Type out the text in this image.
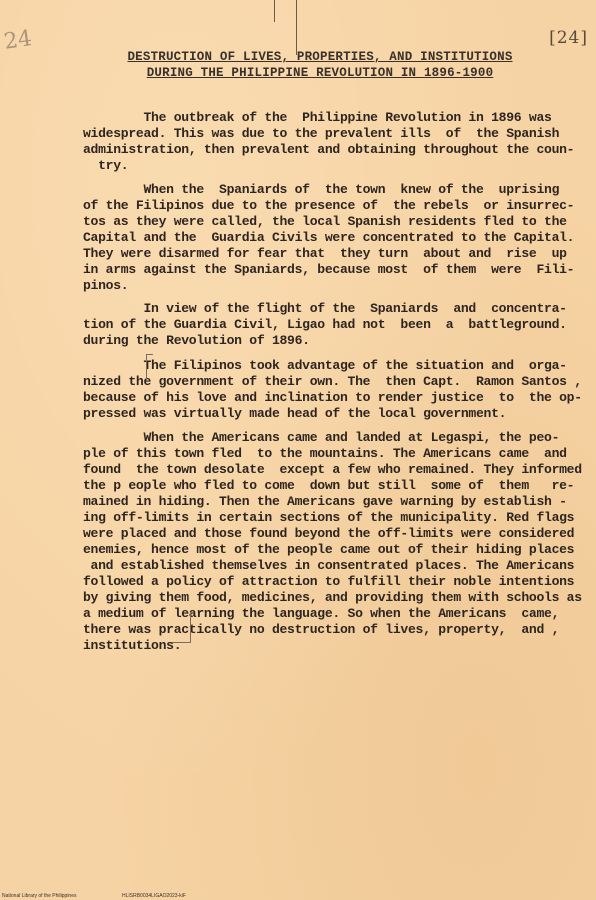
24	[24]
DESTRUCTION OF LIVES, PROPERTIES, AND INSTITUTIONS
DURING THE PHILIPPINE REVOLUTION IN 1896-1900
The outbreak of the  Philippine Revolution in 1896 was
widespread. This was due to the prevalent ills  of  the Spanish
administration, then prevalent and obtaining throughout the coun-
try.
When the  Spaniards of  the town  knew of the  uprising
of the Filipinos due to the presence of  the rebels  or insurrec-
tos as they were called, the local Spanish residents fled to the
Capital and the  Guardia Civils were concentrated to the Capital.
They were disarmed for fear that  they turn  about and  rise  up
in arms against the Spaniards, because most  of them  were  Fili-
pinos.
In view of the flight of the  Spaniards  and  concentra-
tion of the Guardia Civil, Ligao had not  been  a  battleground.
during the Revolution of 1896.
The Filipinos took advantage of the situation and  orga-
nized the government of their own. The  then Capt.  Ramon Santos ,
because of his love and inclination to render justice  to  the op-
pressed was virtually made head of the local government.
When the Americans came and landed at Legaspi, the peo-
ple of this town fled  to the mountains. The Americans came  and
found  the town desolate  except a few who remained. They informed
the p eople who fled to come  down but still  some of  them   re-
mained in hiding. Then the Americans gave warning by establish -
ing off-limits in certain sections of the municipality. Red flags
were placed and those found beyond the off-limits were considered
enemies, hence most of the people came out of their hiding places
and established themselves in consentrated places. The Americans
followed a policy of attraction to fulfill their noble intentions
by giving them food, medicines, and providing them with schools as
a medium of learning the language. So when the Americans  came,
there was practically no destruction of lives, property,  and ,
institutions.
National Library of the Philippines	HLISRB0034LIGAO2023-kiF
